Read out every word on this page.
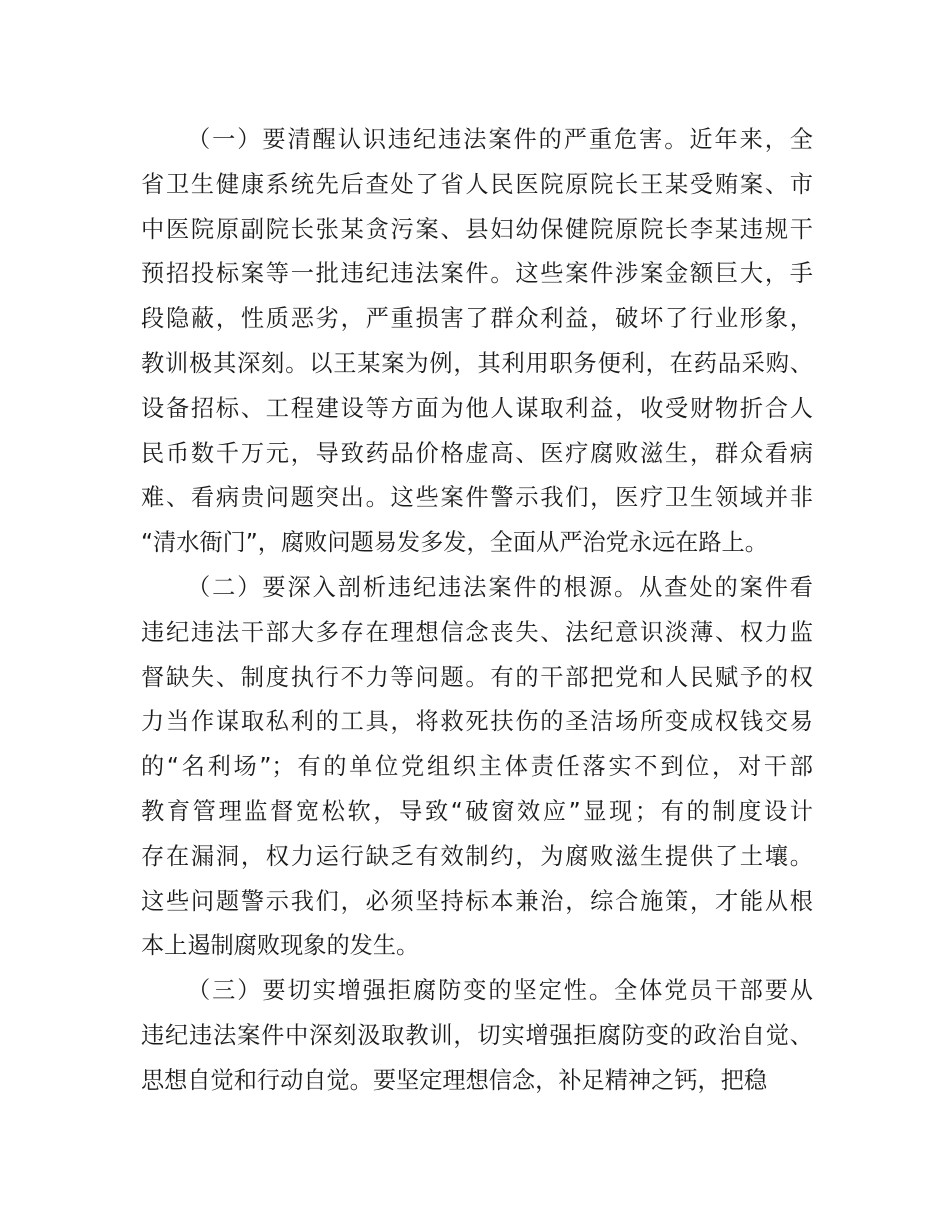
（一）要清醒认识违纪违法案件的严重危害。近年来，全
省卫生健康系统先后查处了省人民医院原院长王某受贿案、市
中医院原副院长张某贪污案、县妇幼保健院原院长李某违规干
预招投标案等一批违纪违法案件。这些案件涉案金额巨大，手
段隐蔽，性质恶劣，严重损害了群众利益，破坏了行业形象，
教训极其深刻。以王某案为例，其利用职务便利，在药品采购、
设备招标、工程建设等方面为他人谋取利益，收受财物折合人
民币数千万元，导致药品价格虚高、医疗腐败滋生，群众看病
难、看病贵问题突出。这些案件警示我们，医疗卫生领域并非
“清水衙门”，腐败问题易发多发，全面从严治党永远在路上。

（二）要深入剖析违纪违法案件的根源。从查处的案件看
违纪违法干部大多存在理想信念丧失、法纪意识淡薄、权力监
督缺失、制度执行不力等问题。有的干部把党和人民赋予的权
力当作谋取私利的工具，将救死扶伤的圣洁场所变成权钱交易
的“名利场”；有的单位党组织主体责任落实不到位，对干部
教育管理监督宽松软，导致“破窗效应”显现；有的制度设计
存在漏洞，权力运行缺乏有效制约，为腐败滋生提供了土壤。
这些问题警示我们，必须坚持标本兼治，综合施策，才能从根
本上遏制腐败现象的发生。

（三）要切实增强拒腐防变的坚定性。全体党员干部要从
违纪违法案件中深刻汲取教训，切实增强拒腐防变的政治自觉、
思想自觉和行动自觉。要坚定理想信念，补足精神之钙，把稳
